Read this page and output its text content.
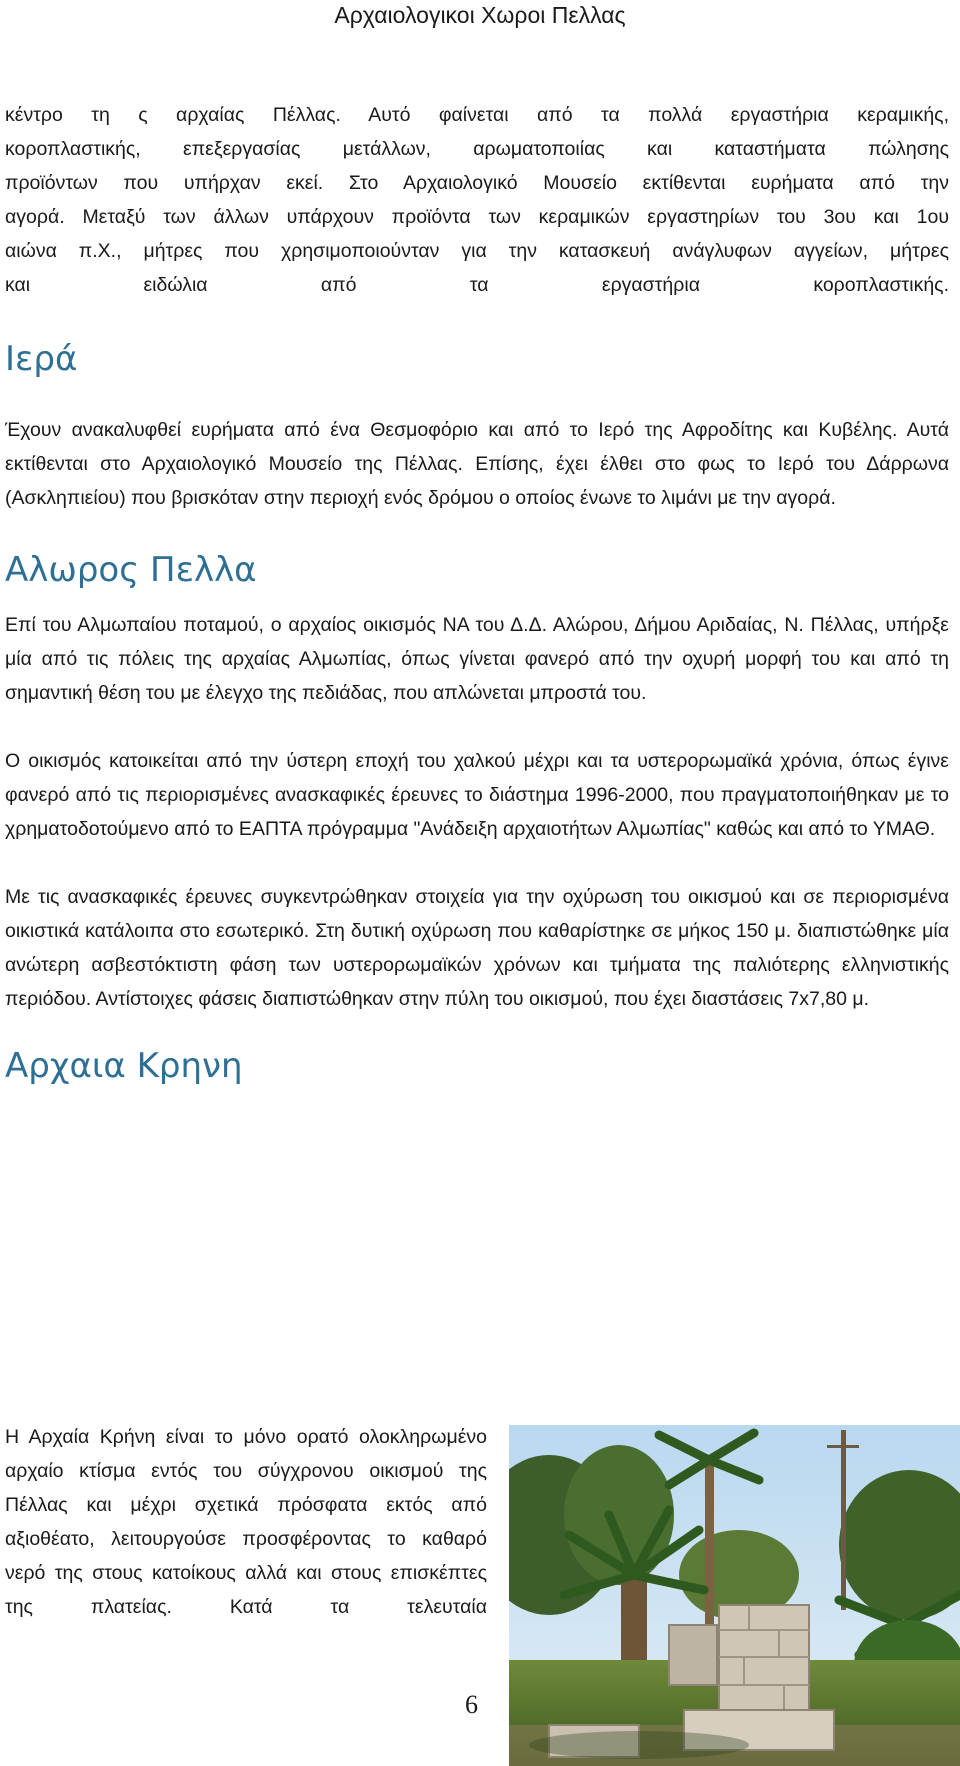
Αρχαιολογικοι Χωροι Πελλας

κέντρο τη ς αρχαίας Πέλλας. Αυτό φαίνεται από τα πολλά εργαστήρια κεραμικής,
κοροπλαστικής, επεξεργασίας μετάλλων, αρωματοποιίας και καταστήματα πώλησης
προϊόντων που υπήρχαν εκεί. Στο Αρχαιολογικό Μουσείο εκτίθενται ευρήματα από την
αγορά. Μεταξύ των άλλων υπάρχουν προϊόντα των κεραμικών εργαστηρίων του 3ου και 1ου
αιώνα π.Χ., μήτρες που χρησιμοποιούνταν για την κατασκευή ανάγλυφων αγγείων, μήτρες
και ειδώλια από τα εργαστήρια κοροπλαστικής.

Ιερά

Έχουν ανακαλυφθεί ευρήματα από ένα Θεσμοφόριο και από το Ιερό της Αφροδίτης και Κυβέλης. Αυτά εκτίθενται στο Αρχαιολογικό Μουσείο της Πέλλας. Επίσης, έχει έλθει στο φως το Ιερό του Δάρρωνα (Ασκληπιείου) που βρισκόταν στην περιοχή ενός δρόμου ο οποίος ένωνε το λιμάνι με την αγορά.

Αλωρος Πελλα

Επί του Αλμωπαίου ποταμού, ο αρχαίος οικισμός ΝΑ του Δ.Δ. Αλώρου, Δήμου Αριδαίας, Ν. Πέλλας, υπήρξε μία από τις πόλεις της αρχαίας Αλμωπίας, όπως γίνεται φανερό από την οχυρή μορφή του και από τη σημαντική θέση του με έλεγχο της πεδιάδας, που απλώνεται μπροστά του.

Ο οικισμός κατοικείται από την ύστερη εποχή του χαλκού μέχρι και τα υστερορωμαϊκά χρόνια, όπως έγινε φανερό από τις περιορισμένες ανασκαφικές έρευνες το διάστημα 1996-2000, που πραγματοποιήθηκαν με το χρηματοδοτούμενο από το ΕΑΠΤΑ πρόγραμμα "Ανάδειξη αρχαιοτήτων Αλμωπίας" καθώς και από το ΥΜΑΘ.

Με τις ανασκαφικές έρευνες συγκεντρώθηκαν στοιχεία για την οχύρωση του οικισμού και σε περιορισμένα οικιστικά κατάλοιπα στο εσωτερικό. Στη δυτική οχύρωση που καθαρίστηκε σε μήκος 150 μ. διαπιστώθηκε μία ανώτερη ασβεστόκτιστη φάση των υστερορωμαϊκών χρόνων και τμήματα της παλιότερης ελληνιστικής περιόδου. Αντίστοιχες φάσεις διαπιστώθηκαν στην πύλη του οικισμού, που έχει διαστάσεις 7x7,80 μ.

Αρχαια Κρηνη
Η Αρχαία Κρήνη είναι το μόνο ορατό ολοκληρωμένο αρχαίο κτίσμα εντός του σύγχρονου οικισμού της Πέλλας και μέχρι σχετικά πρόσφατα εκτός από αξιοθέατο, λειτουργούσε προσφέροντας το καθαρό νερό της στους κατοίκους αλλά και στους επισκέπτες της πλατείας. Κατά τα τελευταία
6
